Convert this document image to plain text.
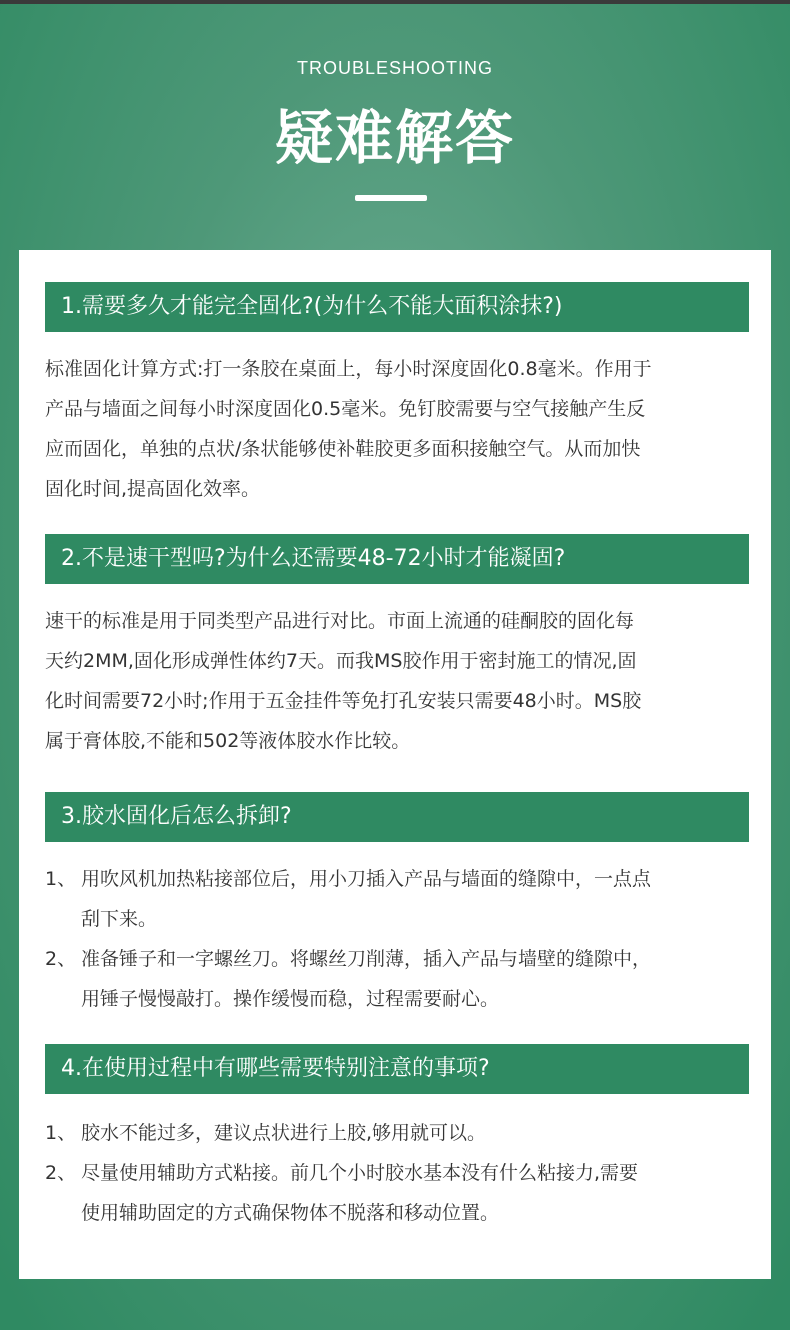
TROUBLESHOOTING
疑难解答
1.需要多久才能完全固化?(为什么不能大面积涂抹?)

标准固化计算方式:打一条胶在桌面上，每小时深度固化0.8毫米。作用于

产品与墙面之间每小时深度固化0.5毫米。免钉胶需要与空气接触产生反

应而固化，单独的点状/条状能够使补鞋胶更多面积接触空气。从而加快

固化时间,提高固化效率。

2.不是速干型吗?为什么还需要48-72小时才能凝固?

速干的标准是用于同类型产品进行对比。市面上流通的硅酮胶的固化每

天约2MM,固化形成弹性体约7天。而我MS胶作用于密封施工的情况,固

化时间需要72小时;作用于五金挂件等免打孔安装只需要48小时。MS胶

属于膏体胶,不能和502等液体胶水作比较。

3.胶水固化后怎么拆卸?
1、 用吹风机加热粘接部位后，用小刀插入产品与墙面的缝隙中，一点点

刮下来。

2、 准备锤子和一字螺丝刀。将螺丝刀削薄，插入产品与墙壁的缝隙中，

用锤子慢慢敲打。操作缓慢而稳，过程需要耐心。

4.在使用过程中有哪些需要特别注意的事项?
1、 胶水不能过多，建议点状进行上胶,够用就可以。

2、 尽量使用辅助方式粘接。前几个小时胶水基本没有什么粘接力,需要

使用辅助固定的方式确保物体不脱落和移动位置。
